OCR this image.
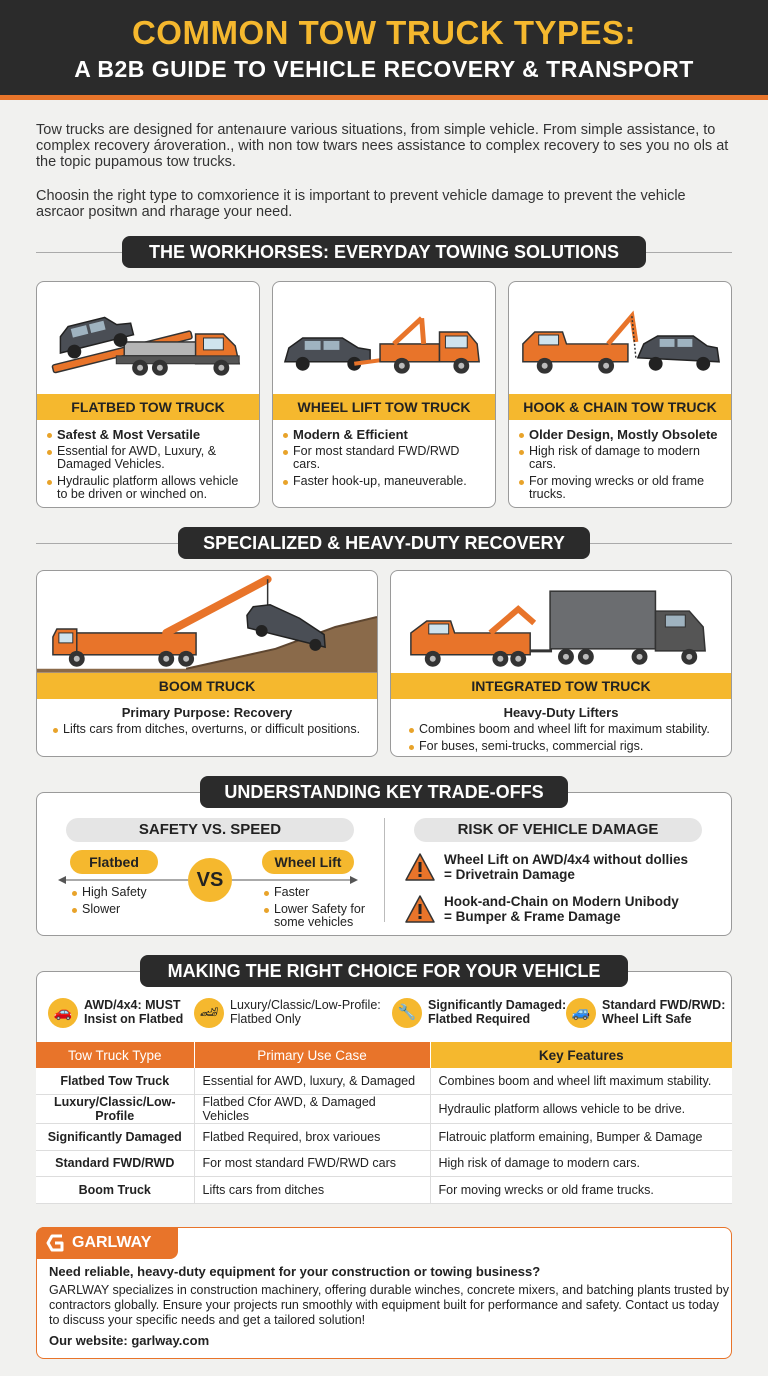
COMMON TOW TRUCK TYPES:
A B2B GUIDE TO VEHICLE RECOVERY & TRANSPORT
Tow trucks are designed for antenaıure various situations, from simple vehicle. From simple assistance, to complex recovery ároveration., with non tow twars nees assistance to complex recovery to ses you no ols at the topic pupamous tow trucks.
Choosin the right type to comxorience it is important to prevent vehicle damage to prevent the vehicle asrcaor positwn and rharage your need.
THE WORKHORSES: EVERYDAY TOWING SOLUTIONS
FLATBED TOW TRUCK
Safest & Most Versatile
Essential for AWD, Luxury, & Damaged Vehicles.
Hydraulic platform allows vehicle to be driven or winched on.
WHEEL LIFT TOW TRUCK
Modern & Efficient
For most standard FWD/RWD cars.
Faster hook-up, maneuverable.
HOOK & CHAIN TOW TRUCK
Older Design, Mostly Obsolete
High risk of damage to modern cars.
For moving wrecks or old frame trucks.
SPECIALIZED & HEAVY-DUTY RECOVERY
BOOM TRUCK
Primary Purpose: Recovery
Lifts cars from ditches, overturns, or difficult positions.
INTEGRATED TOW TRUCK
Heavy-Duty Lifters
Combines boom and wheel lift for maximum stability.
For buses, semi-trucks, commercial rigs.
UNDERSTANDING KEY TRADE-OFFS
SAFETY VS. SPEED
Flatbed	Wheel Lift
VS
High Safety
Slower
Faster
Lower Safety for some vehicles
RISK OF VEHICLE DAMAGE
Wheel Lift on AWD/4x4 without dollies
= Drivetrain Damage
Hook-and-Chain on Modern Unibody
= Bumper & Frame Damage
MAKING THE RIGHT CHOICE FOR YOUR VEHICLE
🚗 AWD/4x4: MUST
Insist on Flatbed	🏎 Luxury/Classic/Low-Profile:
Flatbed Only	🔧 Significantly Damaged:
Flatbed Required	🚙 Standard FWD/RWD:
Wheel Lift Safe
Tow Truck Type	Primary Use Case	Key Features
Flatbed Tow Truck	Essential for AWD, luxury, & Damaged	Combines boom and wheel lift maximum stability.
Luxury/Classic/Low-Profile	Flatbed Cfor AWD, & Damaged Vehicles	Hydraulic platform allows vehicle to be drive.
Significantly Damaged	Flatbed Required, brox varioues	Flatrouic platform emaining, Bumper & Damage
Standard FWD/RWD	For most standard FWD/RWD cars	High risk of damage to modern cars.
Boom Truck	Lifts cars from ditches	For moving wrecks or old frame trucks.
GARLWAY
Need reliable, heavy-duty equipment for your construction or towing business?
GARLWAY specializes in construction machinery, offering durable winches, concrete mixers, and batching plants trusted by contractors globally. Ensure your projects run smoothly with equipment built for performance and safety. Contact us today to discuss your specific needs and get a tailored solution!
Our website: garlway.com
